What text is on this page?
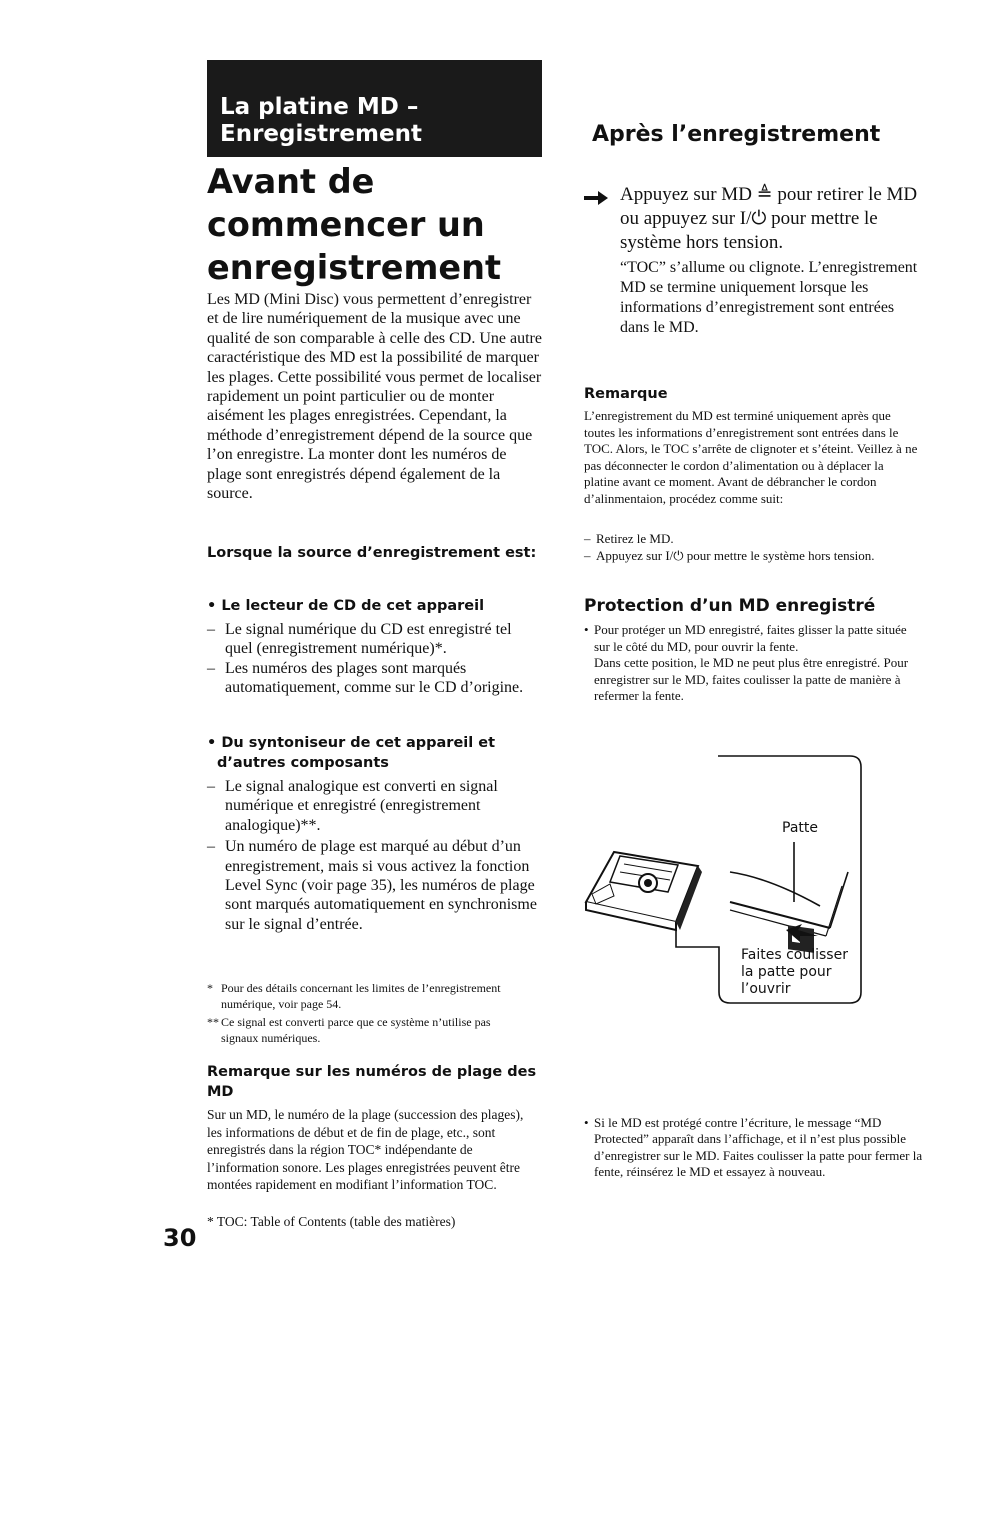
La platine MD –
Enregistrement
Avant de
commencer un
enregistrement

Les MD (Mini Disc) vous permettent d’enregistrer et de lire numériquement de la musique avec une qualité de son comparable à celle des CD. Une autre caractéristique des MD est la possibilité de marquer les plages. Cette possibilité vous permet de localiser rapidement un point particulier ou de monter aisément les plages enregistrées. Cependant, la méthode d’enregistrement dépend de la source que l’on enregistre. La monter dont les numéros de plage sont enregistrés dépend également de la source.

Lorsque la source d’enregistrement est:
• Le lecteur de CD de cet appareil
– Le signal numérique du CD est enregistré tel quel (enregistrement numérique)*.
– Les numéros des plages sont marqués automatiquement, comme sur le CD d’origine.
• Du syntoniseur de cet appareil et d’autres composants
– Le signal analogique est converti en signal numérique et enregistré (enregistrement analogique)**.
– Un numéro de plage est marqué au début d’un enregistrement, mais si vous activez la fonction Level Sync (voir page 35), les numéros de plage sont marqués automatiquement en synchronisme sur le signal d’entrée.
* Pour des détails concernant les limites de l’enregistrement numérique, voir page 54.
** Ce signal est converti parce que ce système n’utilise pas signaux numériques.
Remarque sur les numéros de plage des MD

Sur un MD, le numéro de la plage (succession des plages), les informations de début et de fin de plage, etc., sont enregistrés dans la région TOC* indépendante de l’information sonore. Les plages enregistrées peuvent être montées rapidement en modifiant l’information TOC.

* TOC: Table of Contents (table des matières)
30
Après l’enregistrement
Appuyez sur MD ≜ pour retirer le MD ou appuyez sur I/⏻ pour mettre le système hors tension.
“TOC” s’allume ou clignote. L’enregistrement MD se termine uniquement lorsque les informations d’enregistrement sont entrées dans le MD.
Remarque

L’enregistrement du MD est terminé uniquement après que toutes les informations d’enregistrement sont entrées dans le TOC. Alors, le TOC s’arrête de clignoter et s’éteint. Veillez à ne pas déconnecter le cordon d’alimentation ou à déplacer la platine avant ce moment. Avant de débrancher le cordon d’alinmentaion, procédez comme suit:

– Retirez le MD.
– Appuyez sur I/⏻ pour mettre le système hors tension.
Protection d’un MD enregistré
• Pour protéger un MD enregistré, faites glisser la patte située sur le côté du MD, pour ouvrir la fente.
Dans cette position, le MD ne peut plus être enregistré. Pour enregistrer sur le MD, faites coulisser la patte de manière à refermer la fente.
Patte
Faites coulisser la patte pour l’ouvrir
• Si le MD est protégé contre l’écriture, le message “MD Protected” apparaît dans l’affichage, et il n’est plus possible d’enregistrer sur le MD. Faites coulisser la patte pour fermer la fente, réinsérez le MD et essayez à nouveau.
